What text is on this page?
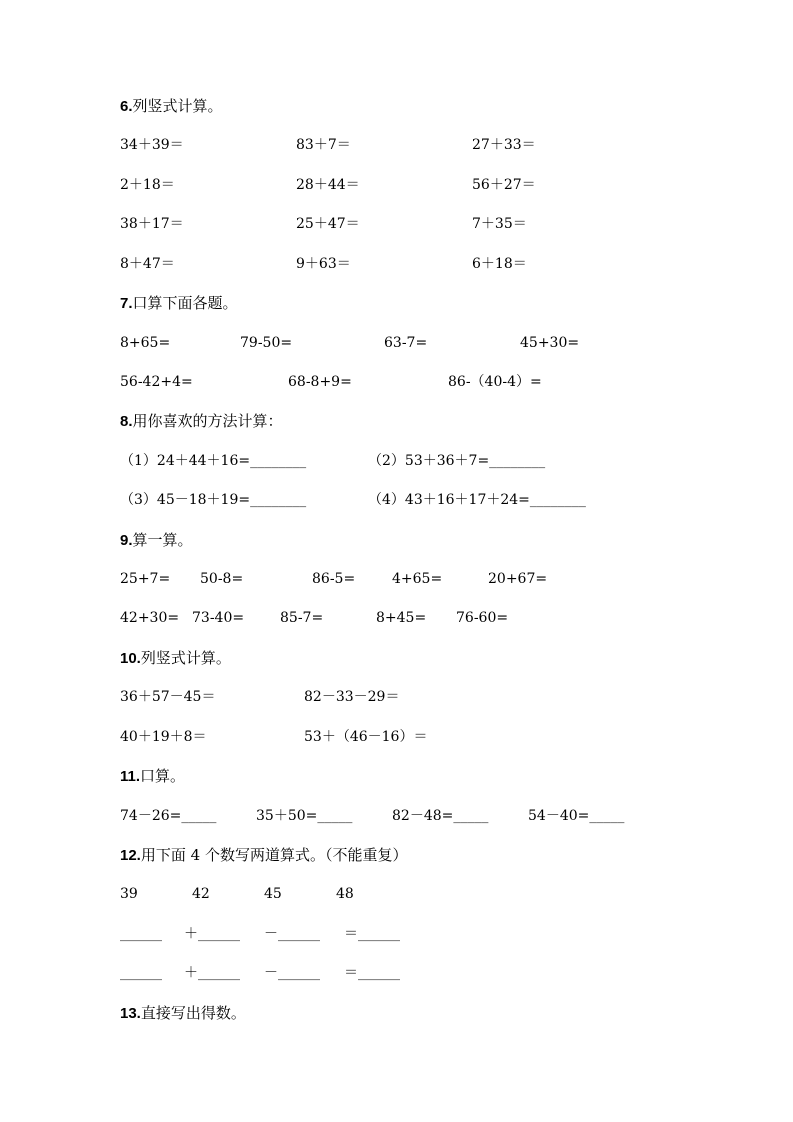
6.列竖式计算。
34＋39＝	83＋7＝	27＋33＝
2＋18＝	28＋44＝	56＋27＝
38＋17＝	25＋47＝	7＋35＝
8＋47＝	9＋63＝	6＋18＝
7.口算下面各题。
8+65=	79-50=	63-7=	45+30=
56-42+4=	68-8+9=	86-（40-4）=
8.用你喜欢的方法计算：
（1）24＋44＋16=________	（2）53＋36＋7=________
（3）45－18＋19=________	（4）43＋16＋17＋24=________
9.算一算。
25+7= 50-8=	86-5=	4+65=	20+67=
42+30= 73-40=	85-7=	8+45= 76-60=
10.列竖式计算。
36＋57－45＝	82－33－29＝
40＋19＋8＝	53＋（46－16）＝
11.口算。
74－26=_____	35＋50=_____	82－48=_____	54－40=_____
12.用下面 4 个数写两道算式。（不能重复）
39	42	45	48
______ ＋______ －______ ＝______
______ ＋______ －______ ＝______
13.直接写出得数。
